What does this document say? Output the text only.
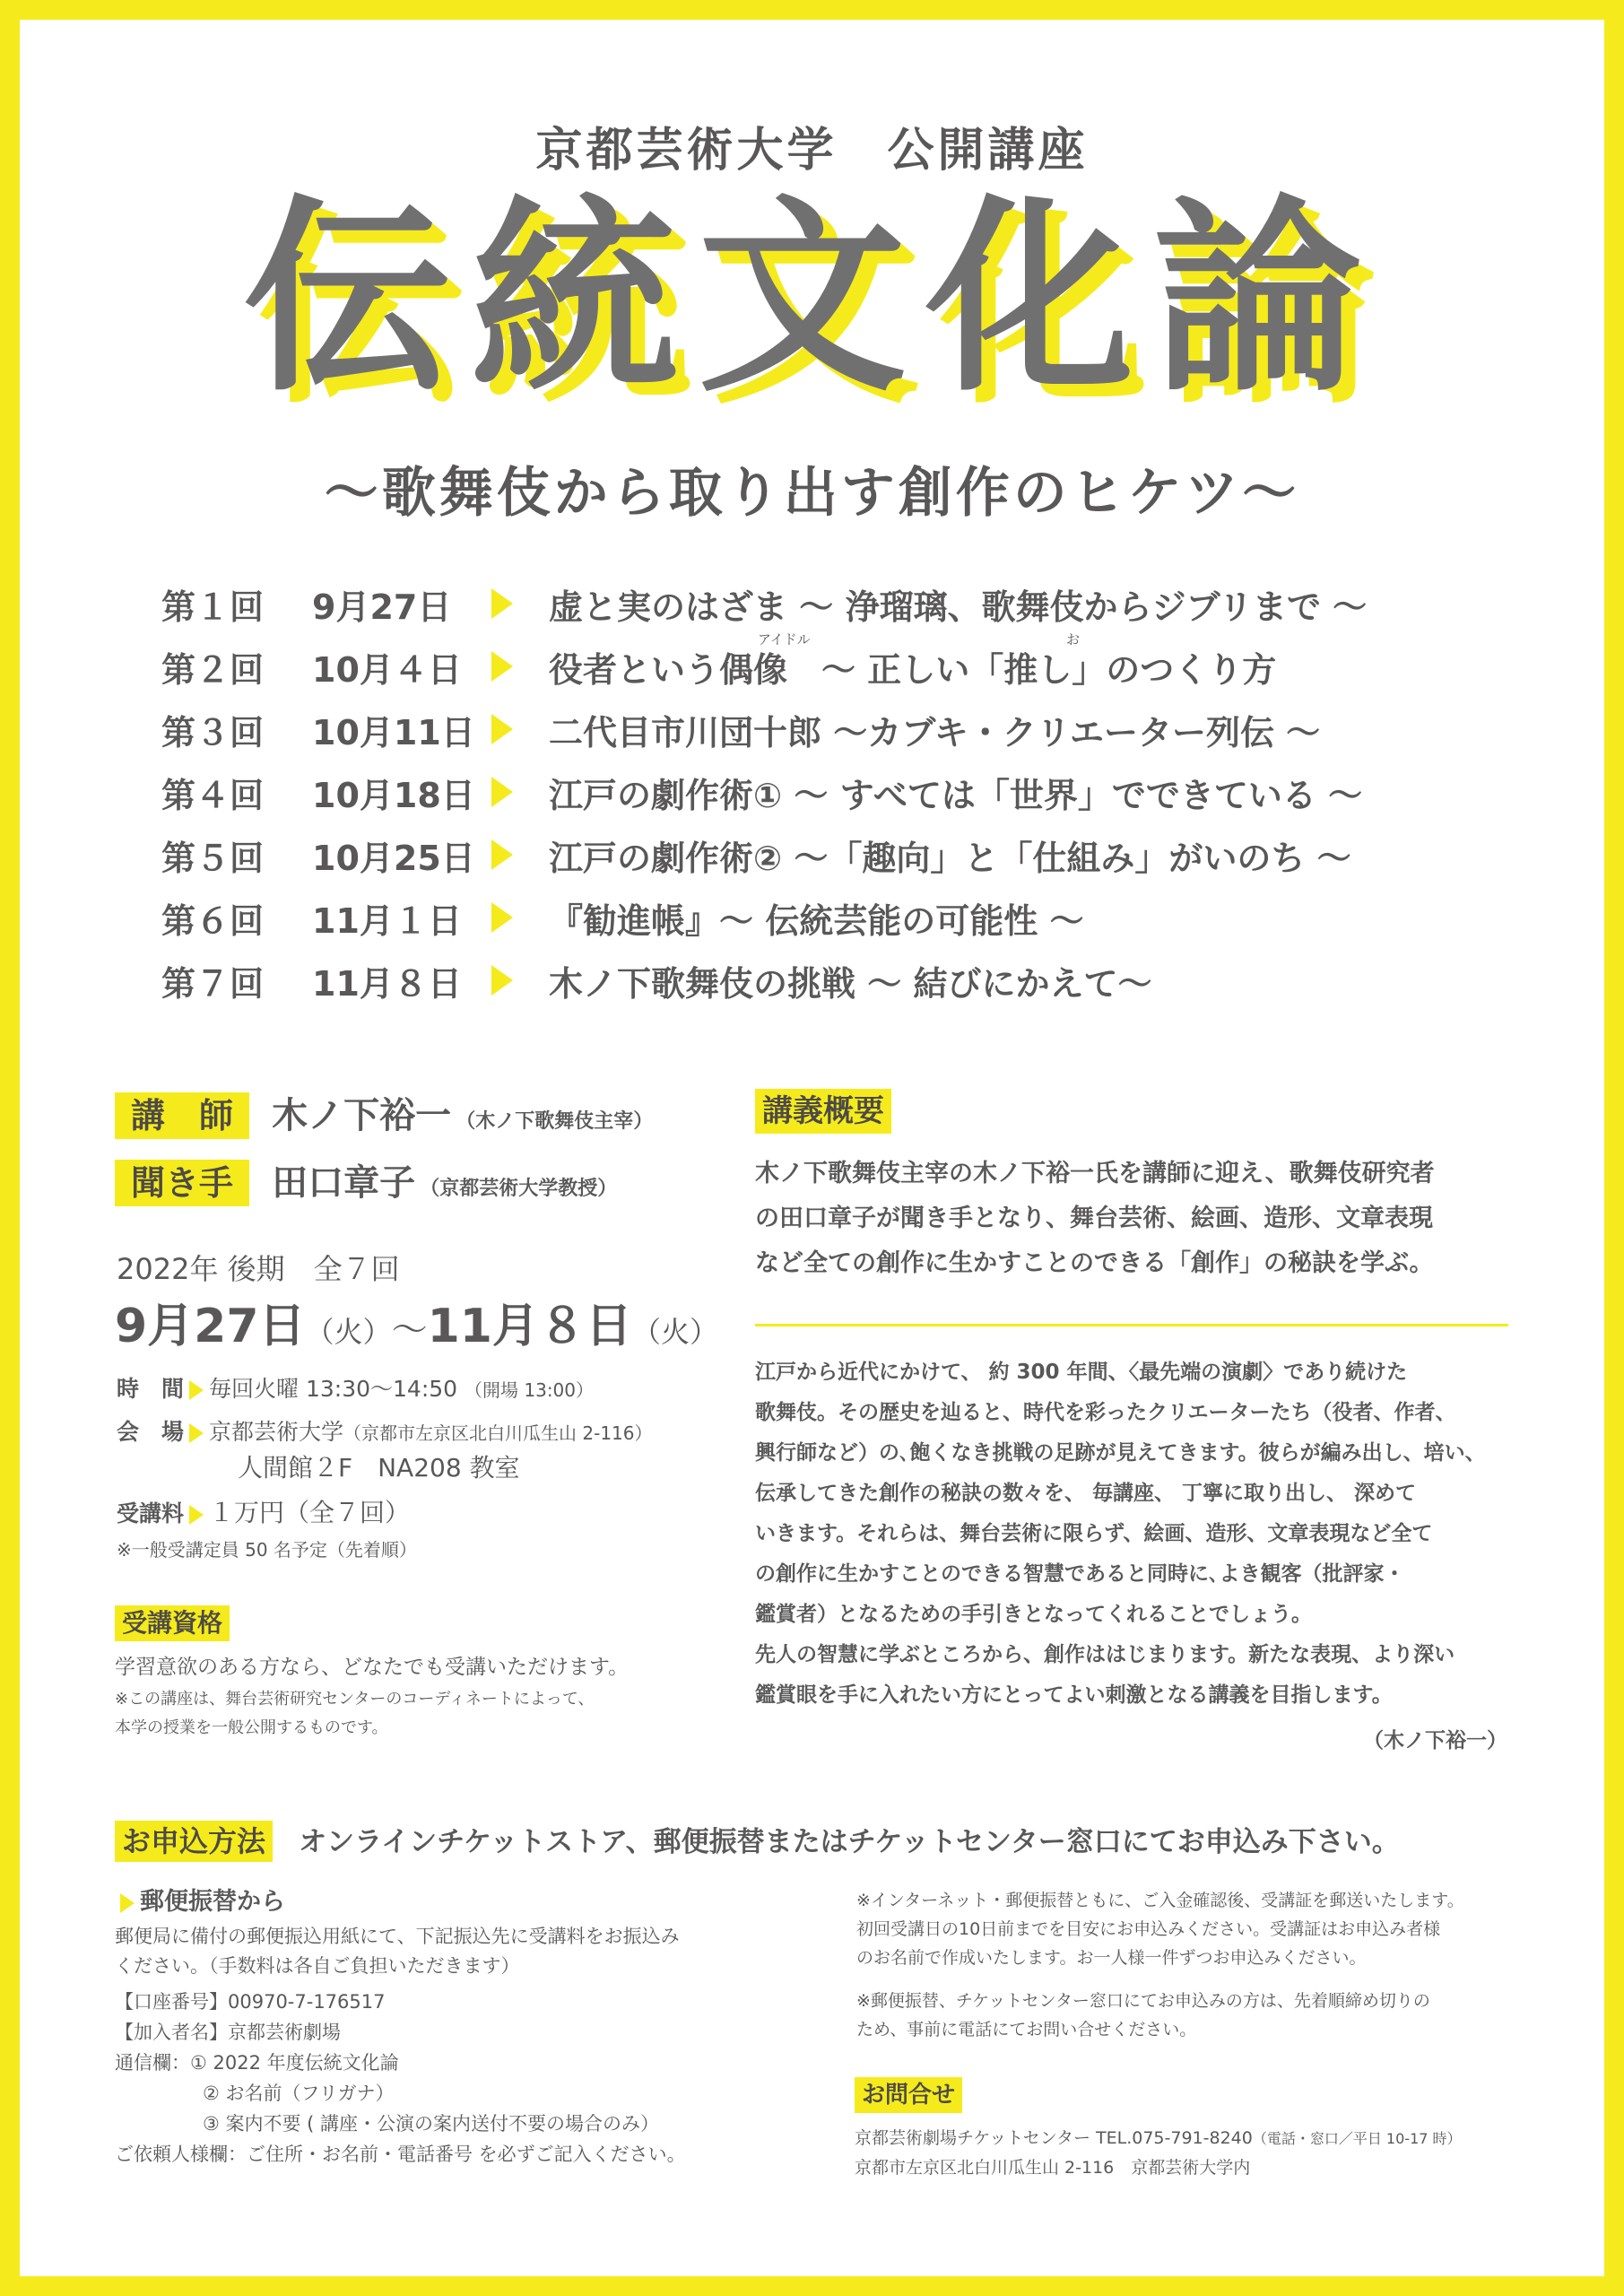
京都芸術大学　公開講座
伝統文化論
〜歌舞伎から取り出す創作のヒケツ〜
第１回	9月27日	虚と実のはざま 〜 浄瑠璃、歌舞伎からジブリまで 〜
第２回	10月４日	役者という偶像　〜 正しい「推し」のつくり方
アイドル	お
第３回	10月11日	二代目市川団十郎 〜カブキ・クリエーター列伝 〜
第４回	10月18日	江戸の劇作術① 〜 すべては「世界」でできている 〜
第５回	10月25日	江戸の劇作術② 〜「趣向」と「仕組み」がいのち 〜
第６回	11月１日	『勧進帳』〜 伝統芸能の可能性 〜
第７回	11月８日	木ノ下歌舞伎の挑戦 〜 結びにかえて〜
講　師 木ノ下裕一 （木ノ下歌舞伎主宰）
聞き手 田口章子 （京都芸術大学教授）
2022年 後期　全７回
9月27日（火）〜11月８日（火）
時　間 毎回火曜 13:30〜14:50 （開場 13:00）
会　場 京都芸術大学（京都市左京区北白川瓜生山 2-116）
人間館２F　NA208 教室
受講料 １万円（全７回）
※一般受講定員 50 名予定（先着順）
受講資格
学習意欲のある方なら、どなたでも受講いただけます。
※この講座は、舞台芸術研究センターのコーディネートによって、
本学の授業を一般公開するものです。
講義概要
木ノ下歌舞伎主宰の木ノ下裕一氏を講師に迎え、歌舞伎研究者
の田口章子が聞き手となり、舞台芸術、絵画、造形、文章表現
など全ての創作に生かすことのできる「創作」の秘訣を学ぶ。
江戸から近代にかけて、 約 300 年間、〈最先端の演劇〉であり続けた
歌舞伎。その歴史を辿ると、時代を彩ったクリエーターたち（役者、作者、
興行師など）の､飽くなき挑戦の足跡が見えてきます。彼らが編み出し、培い、
伝承してきた創作の秘訣の数々を、 毎講座、 丁寧に取り出し、 深めて
いきます。それらは、舞台芸術に限らず、絵画、造形、文章表現など全て
の創作に生かすことのできる智慧であると同時に､よき観客（批評家・
鑑賞者）となるための手引きとなってくれることでしょう。
先人の智慧に学ぶところから、創作ははじまります。新たな表現、より深い
鑑賞眼を手に入れたい方にとってよい刺激となる講義を目指します。
（木ノ下裕一）
お申込方法 オンラインチケットストア、郵便振替またはチケットセンター窓口にてお申込み下さい。
郵便振替から
郵便局に備付の郵便振込用紙にて、下記振込先に受講料をお振込み
ください。（手数料は各自ご負担いただきます）
【口座番号】00970-7-176517
【加入者名】京都芸術劇場
通信欄：① 2022 年度伝統文化論
② お名前（フリガナ）
③ 案内不要 ( 講座・公演の案内送付不要の場合のみ）
ご依頼人様欄：ご住所・お名前・電話番号 を必ずご記入ください。
※インターネット・郵便振替ともに、ご入金確認後、受講証を郵送いたします。
初回受講日の10日前までを目安にお申込みください。受講証はお申込み者様
のお名前で作成いたします。お一人様一件ずつお申込みください。
※郵便振替、チケットセンター窓口にてお申込みの方は、先着順締め切りの
ため、事前に電話にてお問い合せください。
お問合せ
京都芸術劇場チケットセンター TEL.075-791-8240（電話・窓口／平日 10-17 時）
京都市左京区北白川瓜生山 2-116　京都芸術大学内
